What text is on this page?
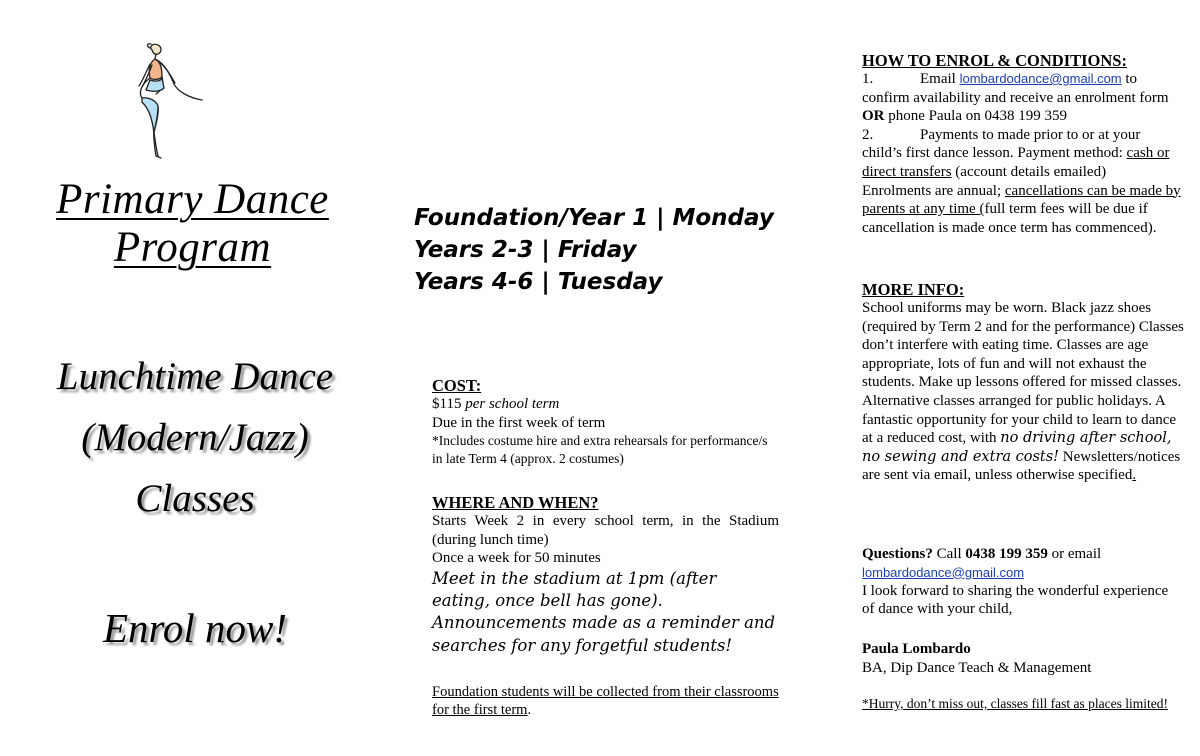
Primary Dance
Program
Lunchtime Dance
(Modern/Jazz)
Classes
Enrol now!
Foundation/Year 1 | Monday
Years 2-3 | Friday
Years 4-6 | Tuesday
COST:
$115 per school term
Due in the first week of term
*Includes costume hire and extra rehearsals for performance/s in late Term 4 (approx. 2 costumes)
WHERE AND WHEN?
Starts Week 2 in every school term, in the Stadium (during lunch time)
Once a week for 50 minutes
Meet in the stadium at 1pm (after eating, once bell has gone). Announcements made as a reminder and searches for any forgetful students!
Foundation students will be collected from their classrooms for the first term.
HOW TO ENROL & CONDITIONS:
1.	Email lombardodance@gmail.com to confirm availability and receive an enrolment form OR phone Paula on 0438 199 359
2.	Payments to made prior to or at your child’s first dance lesson. Payment method: cash or direct transfers (account details emailed)
Enrolments are annual; cancellations can be made by parents at any time (full term fees will be due if cancellation is made once term has commenced).
MORE INFO:
School uniforms may be worn. Black jazz shoes (required by Term 2 and for the performance) Classes don’t interfere with eating time. Classes are age appropriate, lots of fun and will not exhaust the students. Make up lessons offered for missed classes. Alternative classes arranged for public holidays. A fantastic opportunity for your child to learn to dance at a reduced cost, with no driving after school, no sewing and extra costs! Newsletters/notices are sent via email, unless otherwise specified.
Questions? Call 0438 199 359 or email
lombardodance@gmail.com
I look forward to sharing the wonderful experience of dance with your child,
Paula Lombardo
BA, Dip Dance Teach & Management
*Hurry, don’t miss out, classes fill fast as places limited!
